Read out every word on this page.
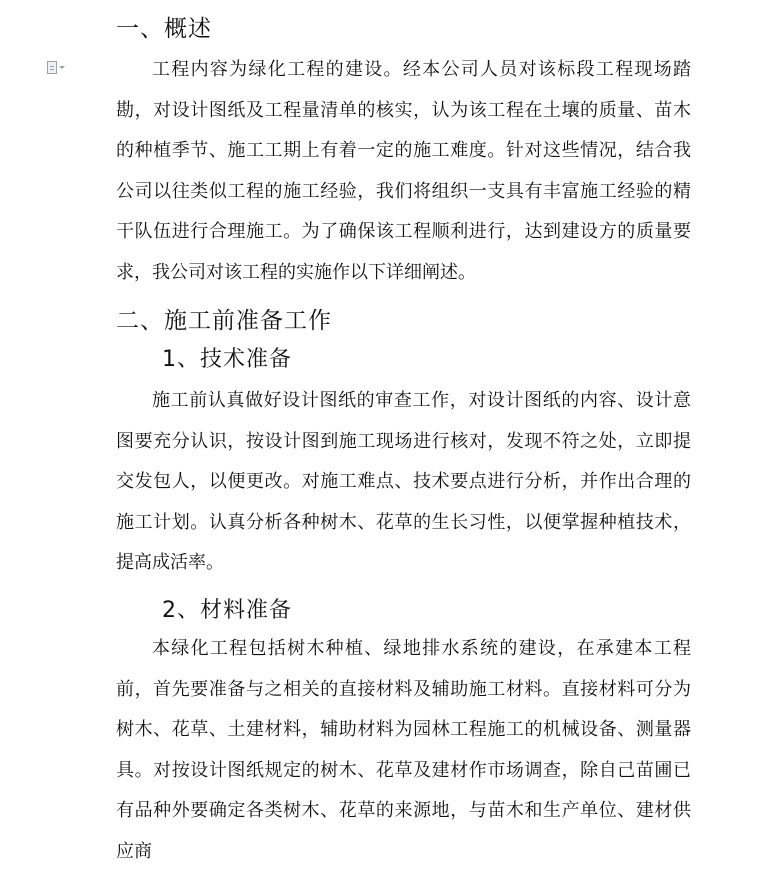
一、概述

工程内容为绿化工程的建设。经本公司人员对该标段工程现场踏勘，对设计图纸及工程量清单的核实，认为该工程在土壤的质量、苗木的种植季节、施工工期上有着一定的施工难度。针对这些情况，结合我公司以往类似工程的施工经验，我们将组织一支具有丰富施工经验的精干队伍进行合理施工。为了确保该工程顺利进行，达到建设方的质量要求，我公司对该工程的实施作以下详细阐述。

二、施工前准备工作
1、技术准备

施工前认真做好设计图纸的审查工作，对设计图纸的内容、设计意图要充分认识，按设计图到施工现场进行核对，发现不符之处，立即提交发包人，以便更改。对施工难点、技术要点进行分析，并作出合理的施工计划。认真分析各种树木、花草的生长习性，以便掌握种植技术，提高成活率。

2、材料准备

本绿化工程包括树木种植、绿地排水系统的建设，在承建本工程前，首先要准备与之相关的直接材料及辅助施工材料。直接材料可分为树木、花草、土建材料，辅助材料为园林工程施工的机械设备、测量器具。对按设计图纸规定的树木、花草及建材作市场调查，除自己苗圃已有品种外要确定各类树木、花草的来源地，与苗木和生产单位、建材供应商
